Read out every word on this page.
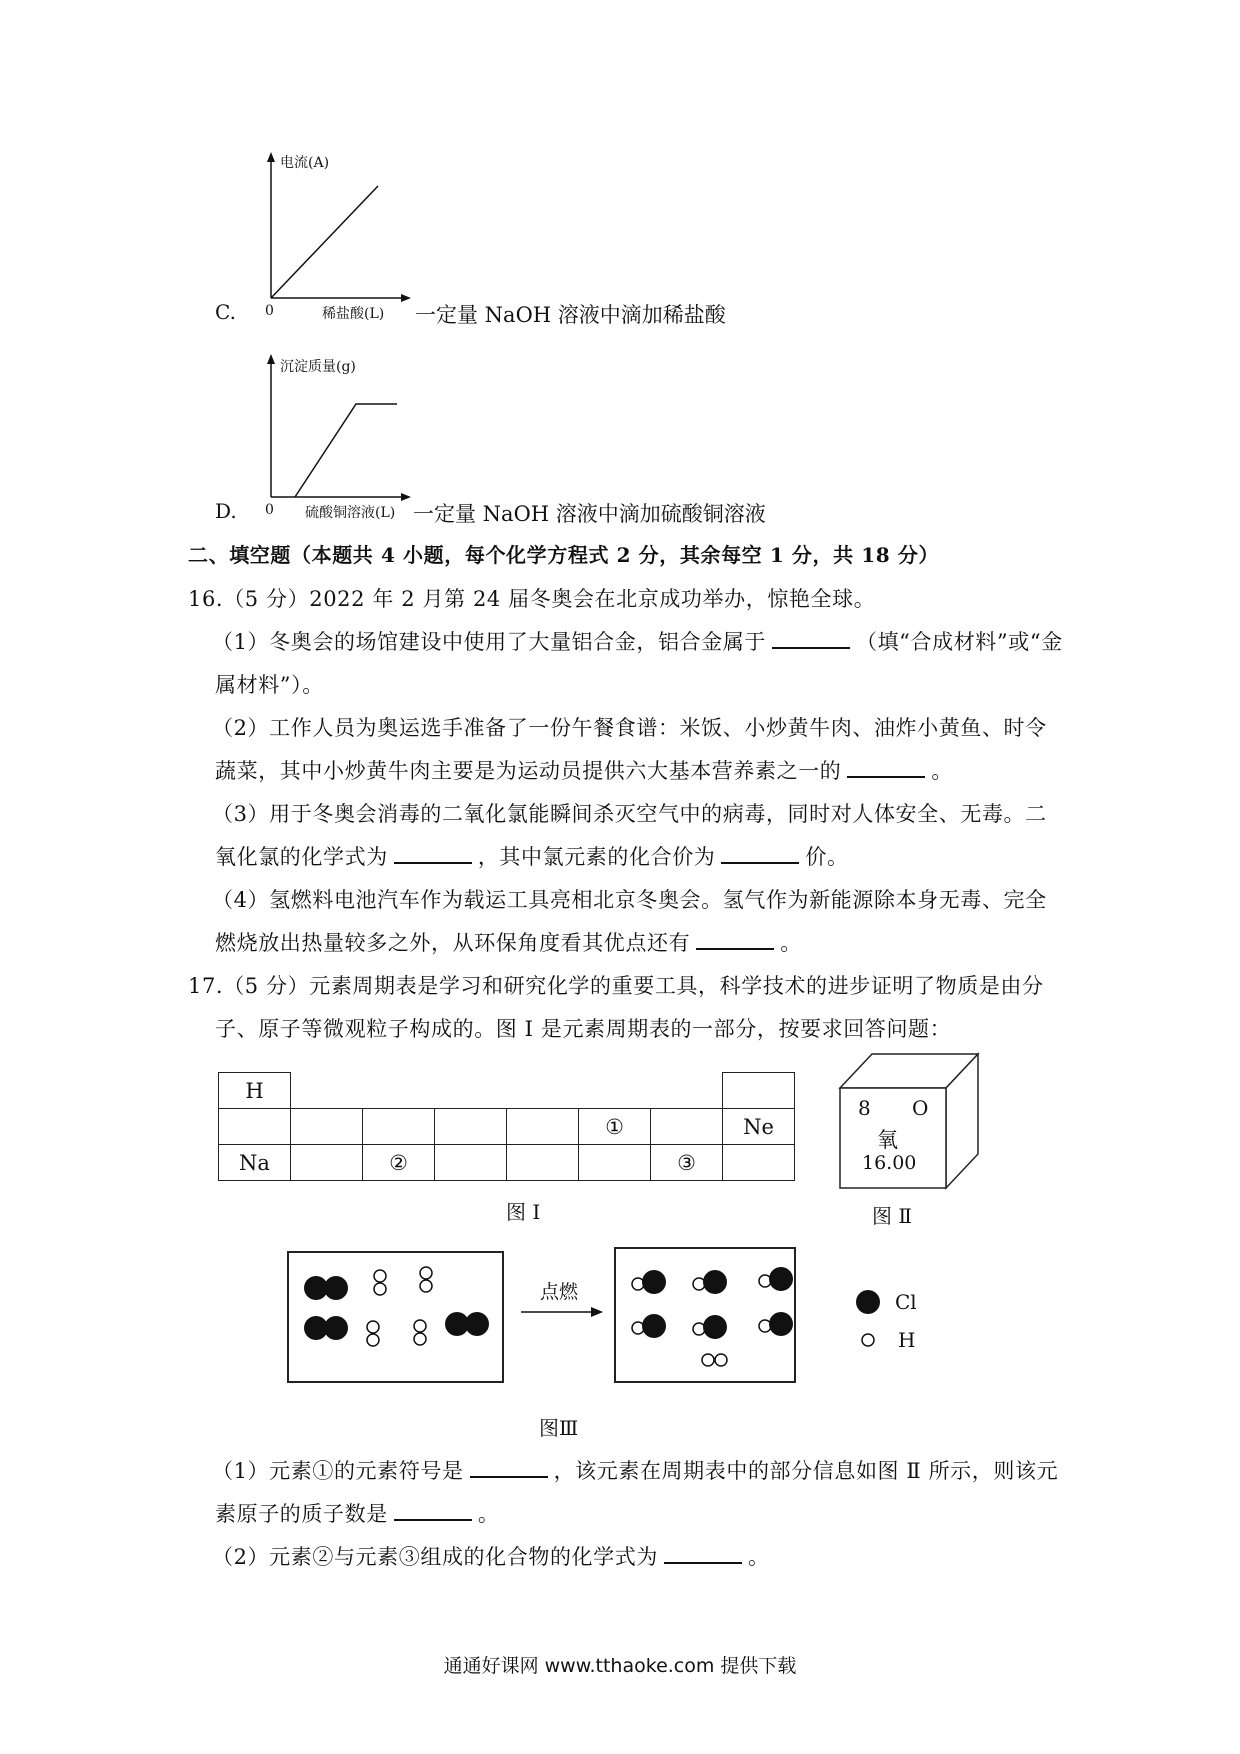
电流(A)
C. 0	稀盐酸(L) 一定量 NaOH 溶液中滴加稀盐酸
沉淀质量(g)
D. 0 硫酸铜溶液(L) 一定量 NaOH 溶液中滴加硫酸铜溶液
二、填空题（本题共 4 小题，每个化学方程式 2 分，其余每空 1 分，共 18 分）
16.（5 分）2022 年 2 月第 24 届冬奥会在北京成功举办，惊艳全球。
（1）冬奥会的场馆建设中使用了大量铝合金，铝合金属于	（填“合成材料”或“金
属材料”）。
（2）工作人员为奥运选手准备了一份午餐食谱：米饭、小炒黄牛肉、油炸小黄鱼、时令
蔬菜，其中小炒黄牛肉主要是为运动员提供六大基本营养素之一的	。
（3）用于冬奥会消毒的二氧化氯能瞬间杀灭空气中的病毒，同时对人体安全、无毒。二
氧化氯的化学式为	，其中氯元素的化合价为	价。
（4）氢燃料电池汽车作为载运工具亮相北京冬奥会。氢气作为新能源除本身无毒、完全
燃烧放出热量较多之外，从环保角度看其优点还有	。
17.（5 分）元素周期表是学习和研究化学的重要工具，科学技术的进步证明了物质是由分
子、原子等微观粒子构成的。图 I 是元素周期表的一部分，按要求回答问题：
H							
					①		Ne
Na		②				③	
图 I
8 O
氧
16.00
图 Ⅱ
点燃	Cl
H
图Ⅲ
（1）元素①的元素符号是	，该元素在周期表中的部分信息如图 Ⅱ 所示，则该元
素原子的质子数是	。
（2）元素②与元素③组成的化合物的化学式为	。
通通好课网 www.tthaoke.com 提供下载
